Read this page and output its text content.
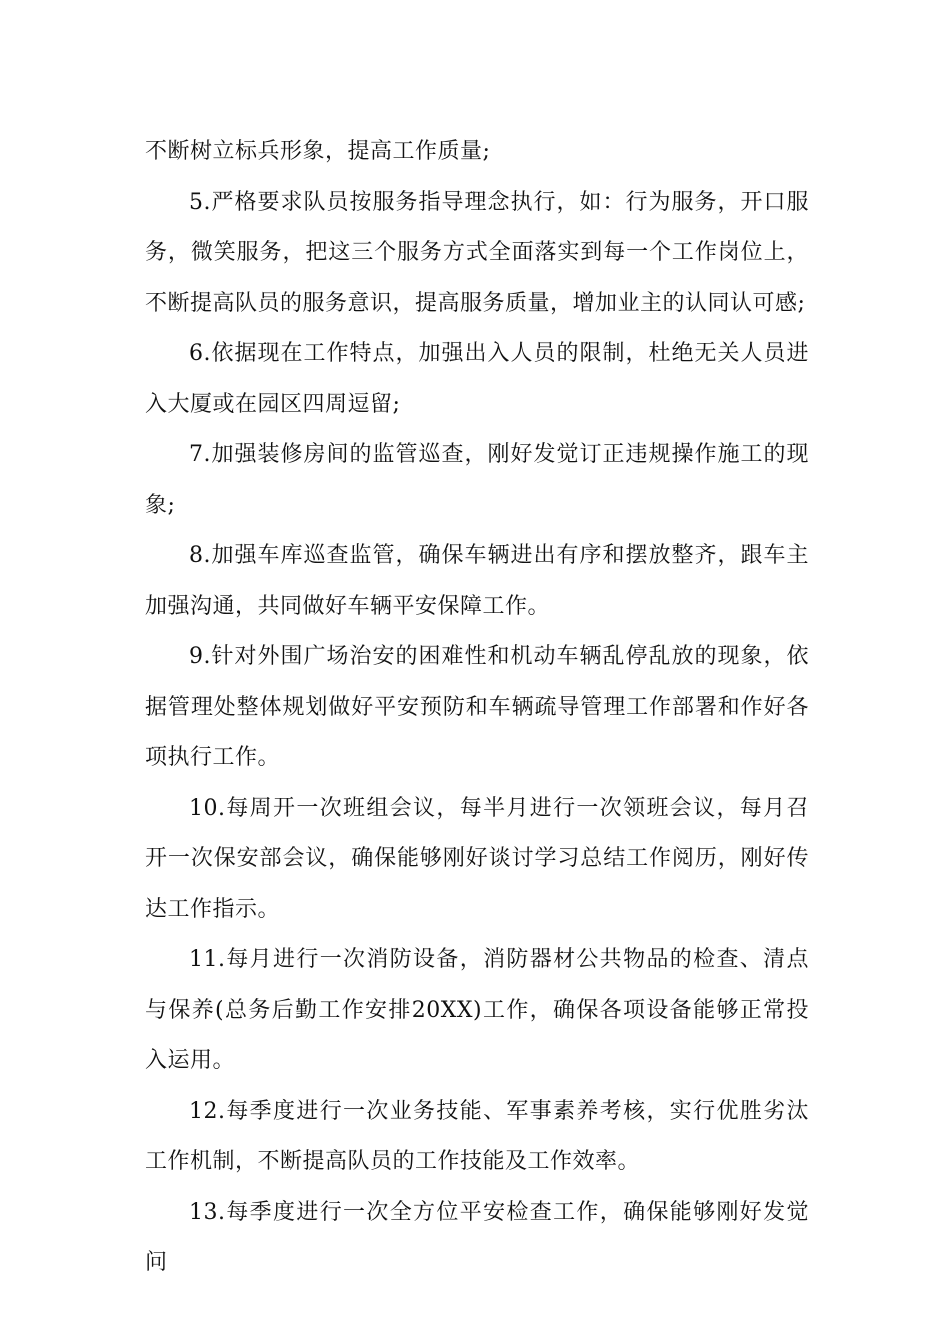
不断树立标兵形象，提高工作质量;

5.严格要求队员按服务指导理念执行，如：行为服务，开口服务，微笑服务，把这三个服务方式全面落实到每一个工作岗位上，不断提高队员的服务意识，提高服务质量，增加业主的认同认可感;

6.依据现在工作特点，加强出入人员的限制，杜绝无关人员进入大厦或在园区四周逗留;

7.加强装修房间的监管巡查，刚好发觉订正违规操作施工的现象;

8.加强车库巡查监管，确保车辆进出有序和摆放整齐，跟车主加强沟通，共同做好车辆平安保障工作。

9.针对外围广场治安的困难性和机动车辆乱停乱放的现象，依据管理处整体规划做好平安预防和车辆疏导管理工作部署和作好各项执行工作。

10.每周开一次班组会议，每半月进行一次领班会议，每月召开一次保安部会议，确保能够刚好谈讨学习总结工作阅历，刚好传达工作指示。

11.每月进行一次消防设备，消防器材公共物品的检查、清点与保养(总务后勤工作安排20XX)工作，确保各项设备能够正常投入运用。

12.每季度进行一次业务技能、军事素养考核，实行优胜劣汰工作机制，不断提高队员的工作技能及工作效率。

13.每季度进行一次全方位平安检查工作，确保能够刚好发觉问
